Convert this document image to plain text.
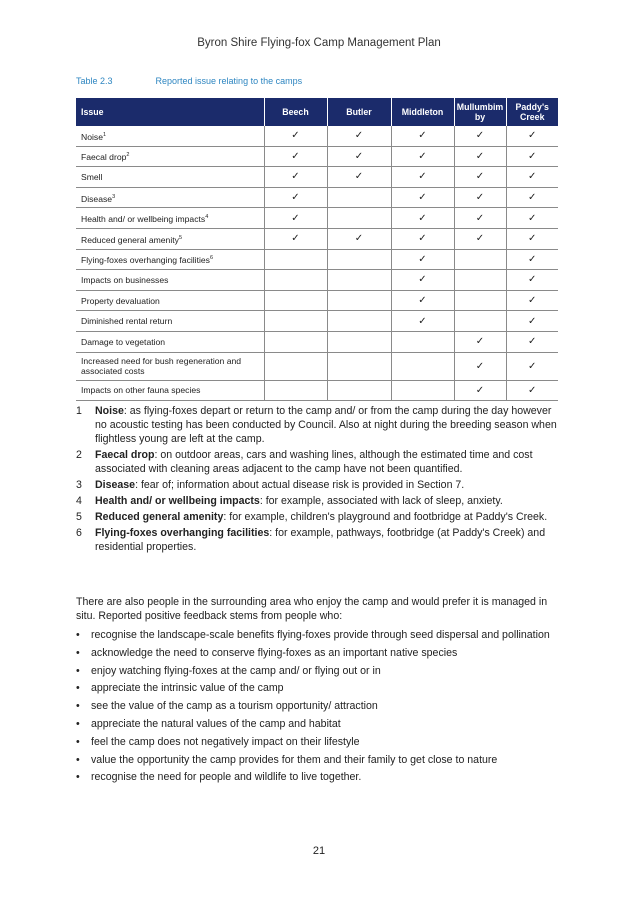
Byron Shire Flying-fox Camp Management Plan
Table 2.3	Reported issue relating to the camps
Issue	Beech	Butler	Middleton	Mullumbim by	Paddy's Creek
Noise$^1$	✓	✓	✓	✓	✓
Faecal drop$^2$	✓	✓	✓	✓	✓
Smell	✓	✓	✓	✓	✓
Disease$^3$	✓		✓	✓	✓
Health and/ or wellbeing impacts$^4$	✓		✓	✓	✓
Reduced general amenity$^5$	✓	✓	✓	✓	✓
Flying-foxes overhanging facilities$^6$			✓		✓
Impacts on businesses			✓		✓
Property devaluation			✓		✓
Diminished rental return			✓		✓
Damage to vegetation				✓	✓
Increased need for bush regeneration and associated costs				✓	✓
Impacts on other fauna species				✓	✓
1	Noise: as flying-foxes depart or return to the camp and/ or from the camp during the day however no acoustic testing has been conducted by Council. Also at night during the breeding season when flightless young are left at the camp.
2	Faecal drop: on outdoor areas, cars and washing lines, although the estimated time and cost associated with cleaning areas adjacent to the camp have not been quantified.
3	Disease: fear of; information about actual disease risk is provided in Section 7.
4	Health and/ or wellbeing impacts: for example, associated with lack of sleep, anxiety.
5	Reduced general amenity: for example, children's playground and footbridge at Paddy's Creek.
6	Flying-foxes overhanging facilities: for example, pathways, footbridge (at Paddy's Creek) and residential properties.
There are also people in the surrounding area who enjoy the camp and would prefer it is managed in situ. Reported positive feedback stems from people who:
•	recognise the landscape-scale benefits flying-foxes provide through seed dispersal and pollination
•	acknowledge the need to conserve flying-foxes as an important native species
•	enjoy watching flying-foxes at the camp and/ or flying out or in
•	appreciate the intrinsic value of the camp
•	see the value of the camp as a tourism opportunity/ attraction
•	appreciate the natural values of the camp and habitat
•	feel the camp does not negatively impact on their lifestyle
•	value the opportunity the camp provides for them and their family to get close to nature
•	recognise the need for people and wildlife to live together.
21
